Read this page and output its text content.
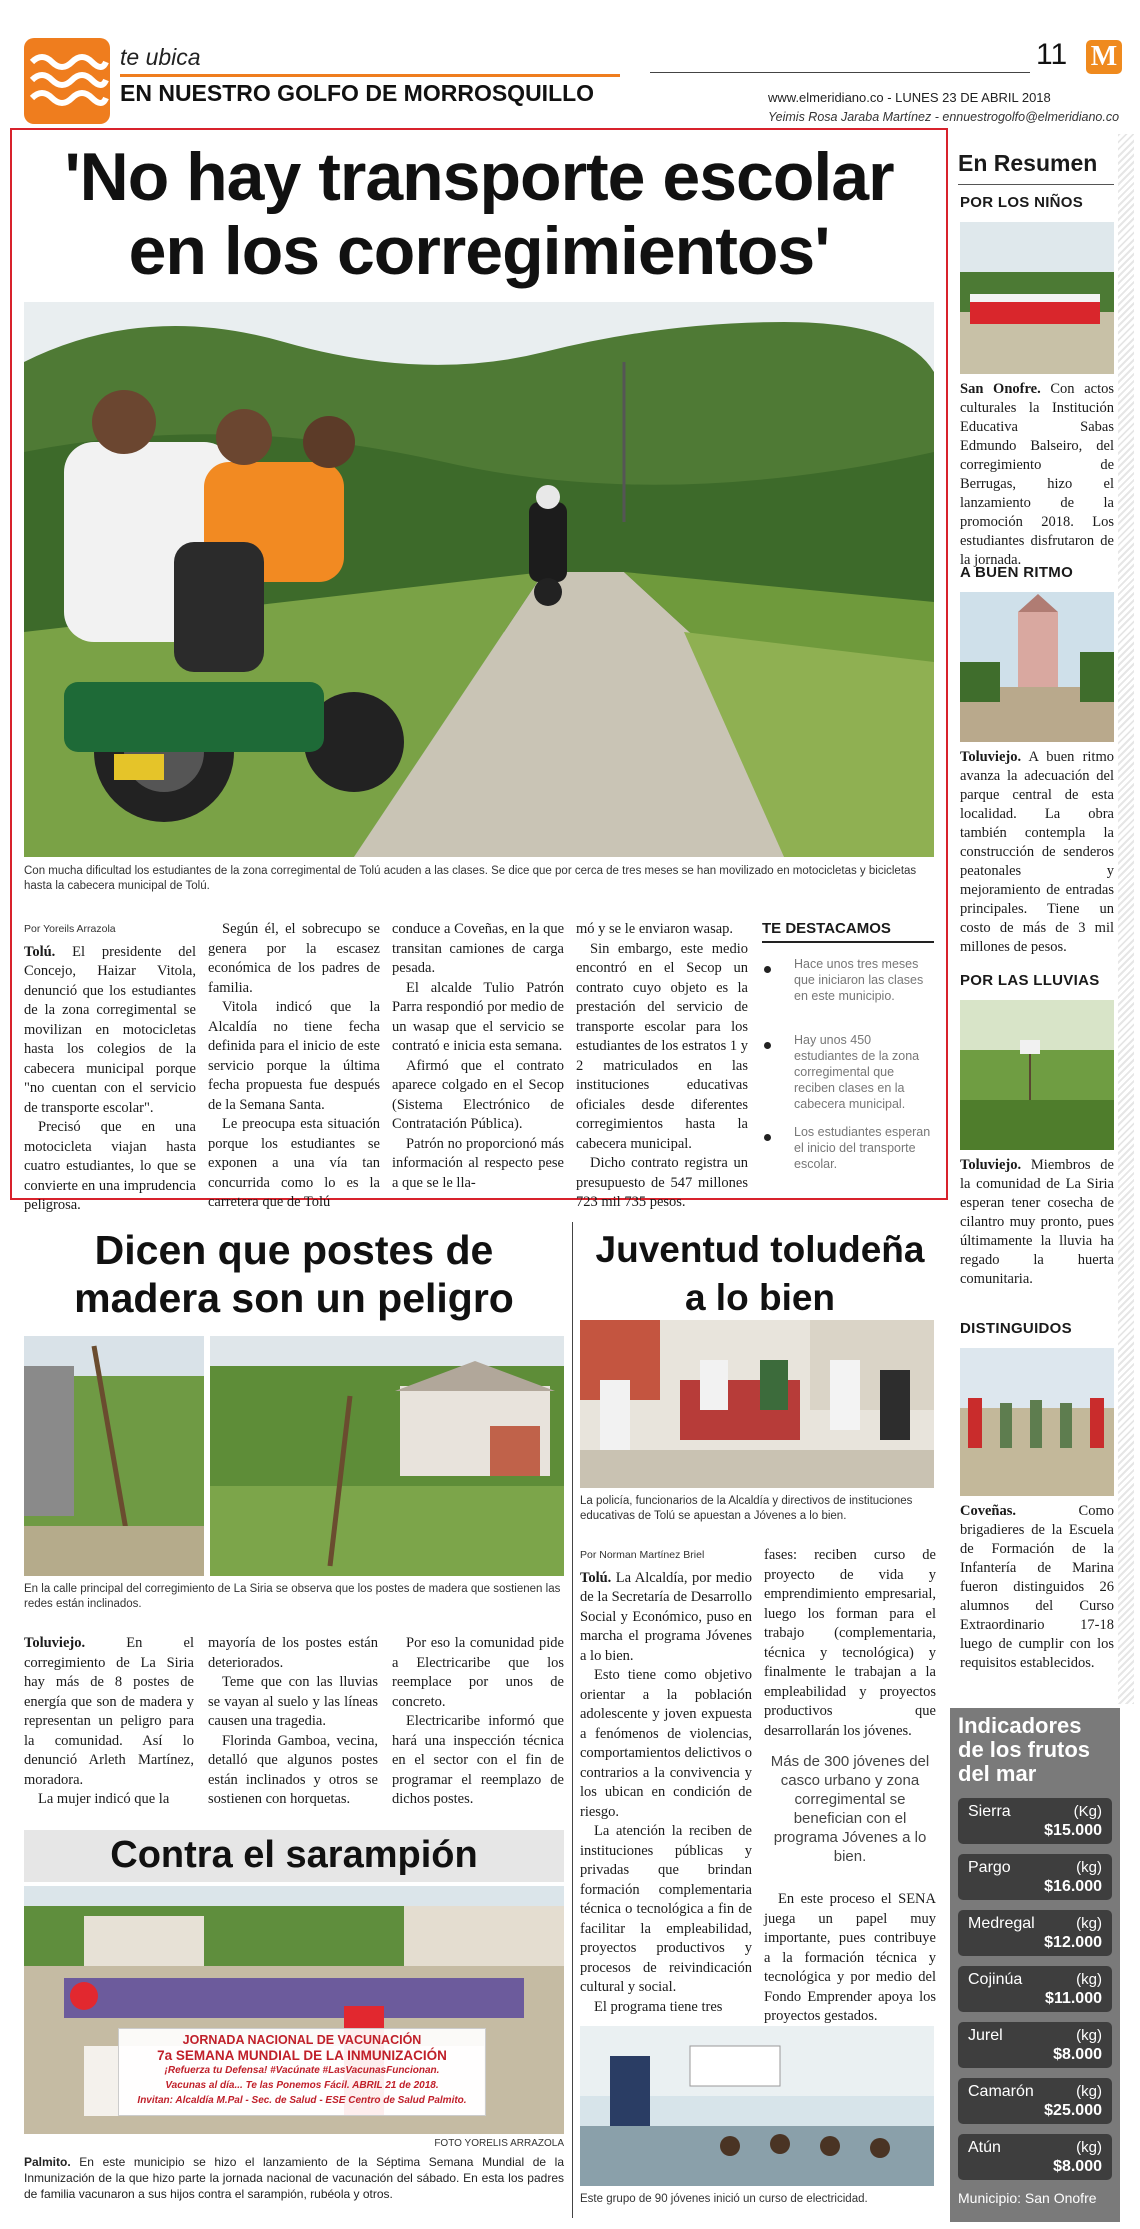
te ubica
EN NUESTRO GOLFO DE MORROSQUILLO
11 M
www.elmeridiano.co - LUNES 23 DE ABRIL 2018
Yeimis Rosa Jaraba Martínez - ennuestrogolfo@elmeridiano.co
'No hay transporte escolar
en los corregimientos'
Con mucha dificultad los estudiantes de la zona corregimental de Tolú acuden a las clases. Se dice que por cerca de tres meses se han movilizado en motocicletas y bicicletas hasta la cabecera municipal de Tolú.
Por Yoreils Arrazola

Tolú. El presidente del Concejo, Haizar Vitola, denunció que los estudiantes de la zona corregimental se movilizan en motocicletas hasta los colegios de la cabecera municipal porque "no cuentan con el servicio de transporte escolar".

Precisó que en una motocicleta viajan hasta cuatro estudiantes, lo que se convierte en una imprudencia peligrosa.

Según él, el sobrecupo se genera por la escasez económica de los padres de familia.

Vitola indicó que la Alcaldía no tiene fecha definida para el inicio de este servicio porque la última fecha propuesta fue después de la Semana Santa.

Le preocupa esta situación porque los estudiantes se exponen a una vía tan concurrida como lo es la carretera que de Tolú

conduce a Coveñas, en la que transitan camiones de carga pesada.

El alcalde Tulio Patrón Parra respondió por medio de un wasap que el servicio se contrató e inicia esta semana.

Afirmó que el contrato aparece colgado en el Secop (Sistema Electrónico de Contratación Pública).

Patrón no proporcionó más información al respecto pese a que se le lla-

mó y se le enviaron wasap.

Sin embargo, este medio encontró en el Secop un contrato cuyo objeto es la prestación del servicio de transporte escolar para los estudiantes de los estratos 1 y 2 matriculados en las instituciones educativas oficiales desde diferentes corregimientos hasta la cabecera municipal.

Dicho contrato registra un presupuesto de 547 millones 723 mil 735 pesos.

TE DESTACAMOS
Hace unos tres meses que iniciaron las clases en este municipio.
Hay unos 450 estudiantes de la zona corregimental que reciben clases en la cabecera municipal.
Los estudiantes esperan el inicio del transporte escolar.
En Resumen
POR LOS NIÑOS
San Onofre. Con actos culturales la Institución Educativa Sabas Edmundo Balseiro, del corregimiento de Berrugas, hizo el lanzamiento de la promoción 2018. Los estudiantes disfrutaron de la jornada.
A BUEN RITMO
Toluviejo. A buen ritmo avanza la adecuación del parque central de esta localidad. La obra también contempla la construcción de senderos peatonales y mejoramiento de entradas principales. Tiene un costo de más de 3 mil millones de pesos.
POR LAS LLUVIAS
Toluviejo. Miembros de la comunidad de La Siria esperan tener cosecha de cilantro muy pronto, pues últimamente la lluvia ha regado la huerta comunitaria.
DISTINGUIDOS
Coveñas. Como brigadieres de la Escuela de Formación de la Infantería de Marina fueron distinguidos 26 alumnos del Curso Extraordinario 17-18 luego de cumplir con los requisitos establecidos.
Indicadores
de los frutos
del mar
Sierra	(Kg)
$15.000
Pargo	(kg)
$16.000
Medregal	(kg)
$12.000
Cojinúa	(kg)
$11.000
Jurel	(kg)
$8.000
Camarón	(kg)
$25.000
Atún	(kg)
$8.000
Municipio: San Onofre
Dicen que postes de
madera son un peligro
En la calle principal del corregimiento de La Siria se observa que los postes de madera que sostienen las redes están inclinados.

Toluviejo. En el corregimiento de La Siria hay más de 8 postes de energía que son de madera y representan un peligro para la comunidad. Así lo denunció Arleth Martínez, moradora.

La mujer indicó que la

mayoría de los postes están deteriorados.

Teme que con las lluvias se vayan al suelo y las líneas causen una tragedia.

Florinda Gamboa, vecina, detalló que algunos postes están inclinados y otros se sostienen con horquetas.

Por eso la comunidad pide a Electricaribe que los reemplace por unos de concreto.

Electricaribe informó que hará una inspección técnica en el sector con el fin de programar el reemplazo de dichos postes.

Contra el sarampión
JORNADA NACIONAL DE VACUNACIÓN
7a SEMANA MUNDIAL DE LA INMUNIZACIÓN
¡Refuerza tu Defensa! #Vacúnate #LasVacunasFuncionan.
Vacunas al día... Te las Ponemos Fácil. ABRIL 21 de 2018.
Invitan: Alcaldía M.Pal - Sec. de Salud - ESE Centro de Salud Palmito.
FOTO YORELIS ARRAZOLA
Palmito. En este municipio se hizo el lanzamiento de la Séptima Semana Mundial de la Inmunización de la que hizo parte la jornada nacional de vacunación del sábado. En esta los padres de familia vacunaron a sus hijos contra el sarampión, rubéola y otros.
Juventud toludeña
a lo bien
La policía, funcionarios de la Alcaldía y directivos de instituciones educativas de Tolú se apuestan a Jóvenes a lo bien.
Por Norman Martínez Briel

Tolú. La Alcaldía, por medio de la Secretaría de Desarrollo Social y Económico, puso en marcha el programa Jóvenes a lo bien.

Esto tiene como objetivo orientar a la población adolescente y joven expuesta a fenómenos de violencias, comportamientos delictivos o contrarios a la convivencia y los ubican en condición de riesgo.

La atención la reciben de instituciones públicas y privadas que brindan formación complementaria técnica o tecnológica a fin de facilitar la empleabilidad, proyectos productivos y procesos de reivindicación cultural y social.

El programa tiene tres

fases: reciben curso de proyecto de vida y emprendimiento empresarial, luego los forman para el trabajo (complementaria, técnica y tecnológica) y finalmente le trabajan a la empleabilidad y proyectos productivos que desarrollarán los jóvenes.

Más de 300 jóvenes del casco urbano y zona corregimental se benefician con el programa Jóvenes a lo bien.

En este proceso el SENA juega un papel muy importante, pues contribuye a la formación técnica y tecnológica y por medio del Fondo Emprender apoya los proyectos gestados.

Este grupo de 90 jóvenes inició un curso de electricidad.
